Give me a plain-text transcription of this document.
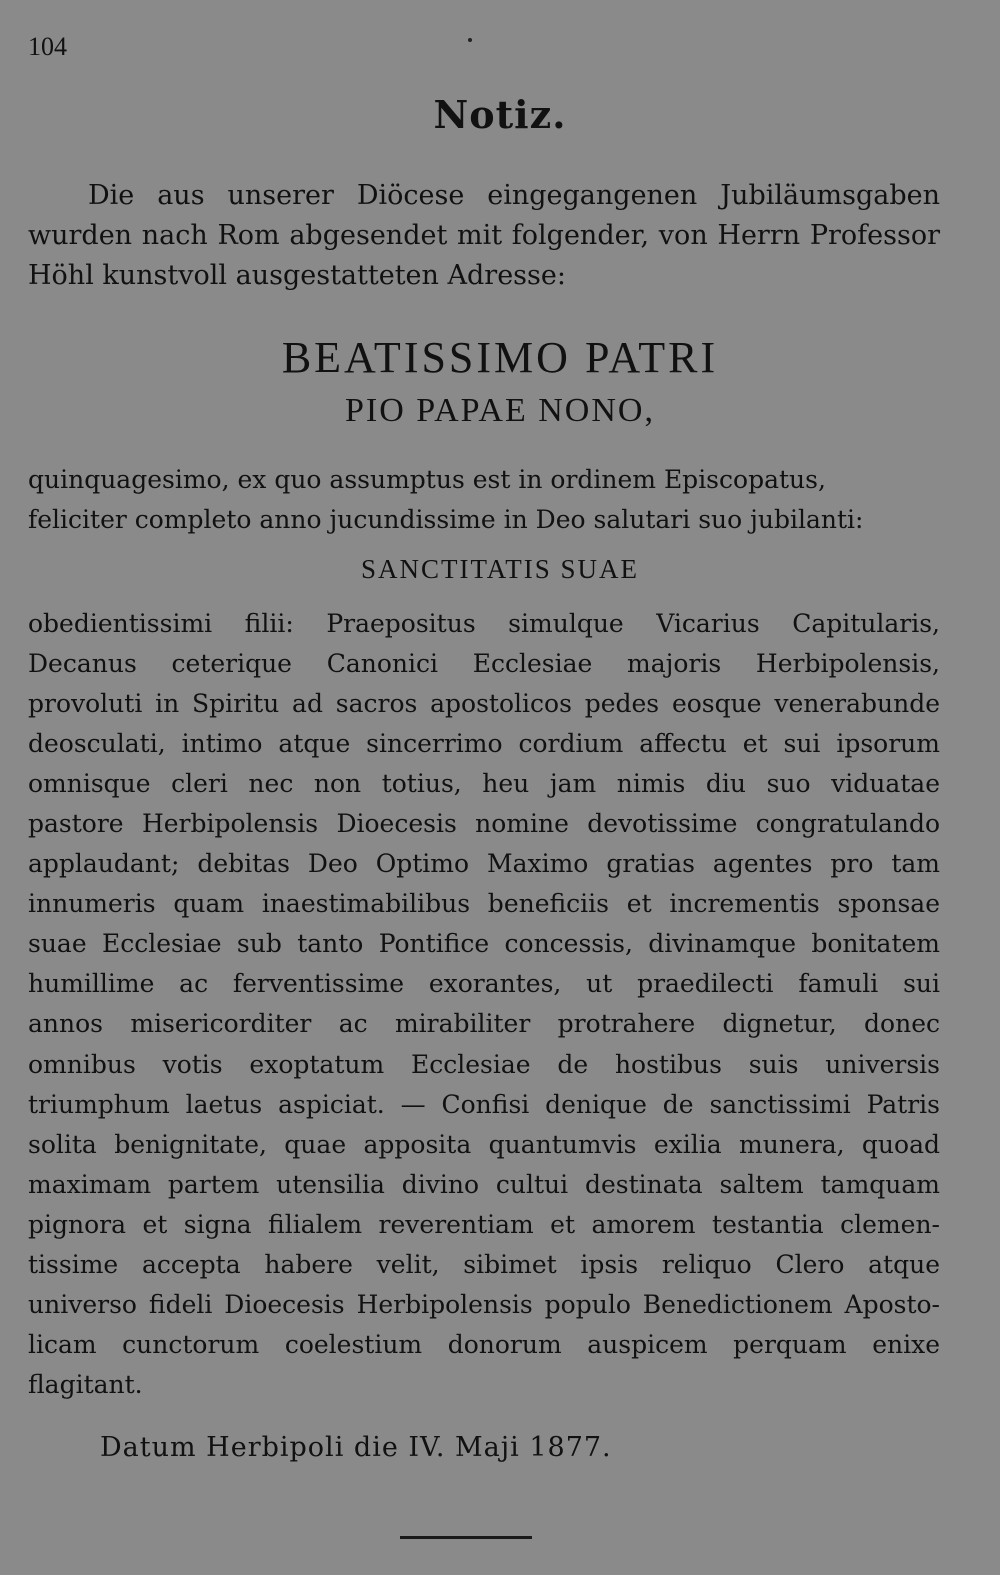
104
Notiz.
Die aus unserer Diöcese eingegangenen Jubiläumsgaben wurden nach Rom abgesendet mit folgender, von Herrn Professor Höhl kunstvoll ausgestatteten Adresse:
BEATISSIMO PATRI
PIO PAPAE NONO,
quinquagesimo, ex quo assumptus est in ordinem Episcopatus,
feliciter completo anno jucundissime in Deo salutari suo jubilanti:
SANCTITATIS SUAE
obedientissimi filii: Praepositus simulque Vicarius Capitularis,
Decanus ceterique Canonici Ecclesiae majoris Herbipolensis,
provoluti in Spiritu ad sacros apostolicos pedes eosque venerabunde
deosculati, intimo atque sincerrimo cordium affectu et sui ipsorum
omnisque cleri nec non totius, heu jam nimis diu suo viduatae
pastore Herbipolensis Dioecesis nomine devotissime congratulando
applaudant; debitas Deo Optimo Maximo gratias agentes pro tam
innumeris quam inaestimabilibus beneficiis et incrementis sponsae
suae Ecclesiae sub tanto Pontifice concessis, divinamque bonitatem
humillime ac ferventissime exorantes, ut praedilecti famuli sui
annos misericorditer ac mirabiliter protrahere dignetur, donec
omnibus votis exoptatum Ecclesiae de hostibus suis universis
triumphum laetus aspiciat. — Confisi denique de sanctissimi Patris
solita benignitate, quae apposita quantumvis exilia munera, quoad
maximam partem utensilia divino cultui destinata saltem tamquam
pignora et signa filialem reverentiam et amorem testantia clemen-
tissime accepta habere velit, sibimet ipsis reliquo Clero atque
universo fideli Dioecesis Herbipolensis populo Benedictionem Aposto-
licam cunctorum coelestium donorum auspicem perquam enixe
flagitant.
Datum Herbipoli die IV. Maji 1877.
